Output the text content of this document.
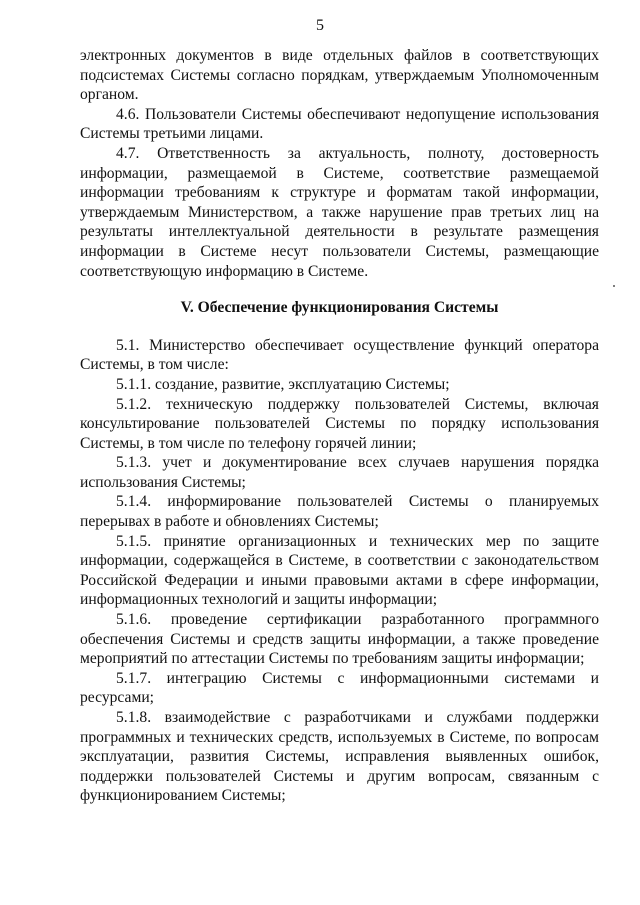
5

электронных документов в виде отдельных файлов в соответствующих подсистемах Системы согласно порядкам, утверждаемым Уполномоченным органом.

4.6. Пользователи Системы обеспечивают недопущение использования Системы третьими лицами.

4.7. Ответственность за актуальность, полноту, достоверность информации, размещаемой в Системе, соответствие размещаемой информации требованиям к структуре и форматам такой информации, утверждаемым Министерством, а также нарушение прав третьих лиц на результаты интеллектуальной деятельности в результате размещения информации в Системе несут пользователи Системы, размещающие соответствующую информацию в Системе.

V. Обеспечение функционирования Системы

5.1. Министерство обеспечивает осуществление функций оператора Системы, в том числе:

5.1.1. создание, развитие, эксплуатацию Системы;

5.1.2. техническую поддержку пользователей Системы, включая консультирование пользователей Системы по порядку использования Системы, в том числе по телефону горячей линии;

5.1.3. учет и документирование всех случаев нарушения порядка использования Системы;

5.1.4. информирование пользователей Системы о планируемых перерывах в работе и обновлениях Системы;

5.1.5. принятие организационных и технических мер по защите информации, содержащейся в Системе, в соответствии с законодательством Российской Федерации и иными правовыми актами в сфере информации, информационных технологий и защиты информации;

5.1.6. проведение сертификации разработанного программного обеспечения Системы и средств защиты информации, а также проведение мероприятий по аттестации Системы по требованиям защиты информации;

5.1.7. интеграцию Системы с информационными системами и ресурсами;

5.1.8. взаимодействие с разработчиками и службами поддержки программных и технических средств, используемых в Системе, по вопросам эксплуатации, развития Системы, исправления выявленных ошибок, поддержки пользователей Системы и другим вопросам, связанным с функционированием Системы;
